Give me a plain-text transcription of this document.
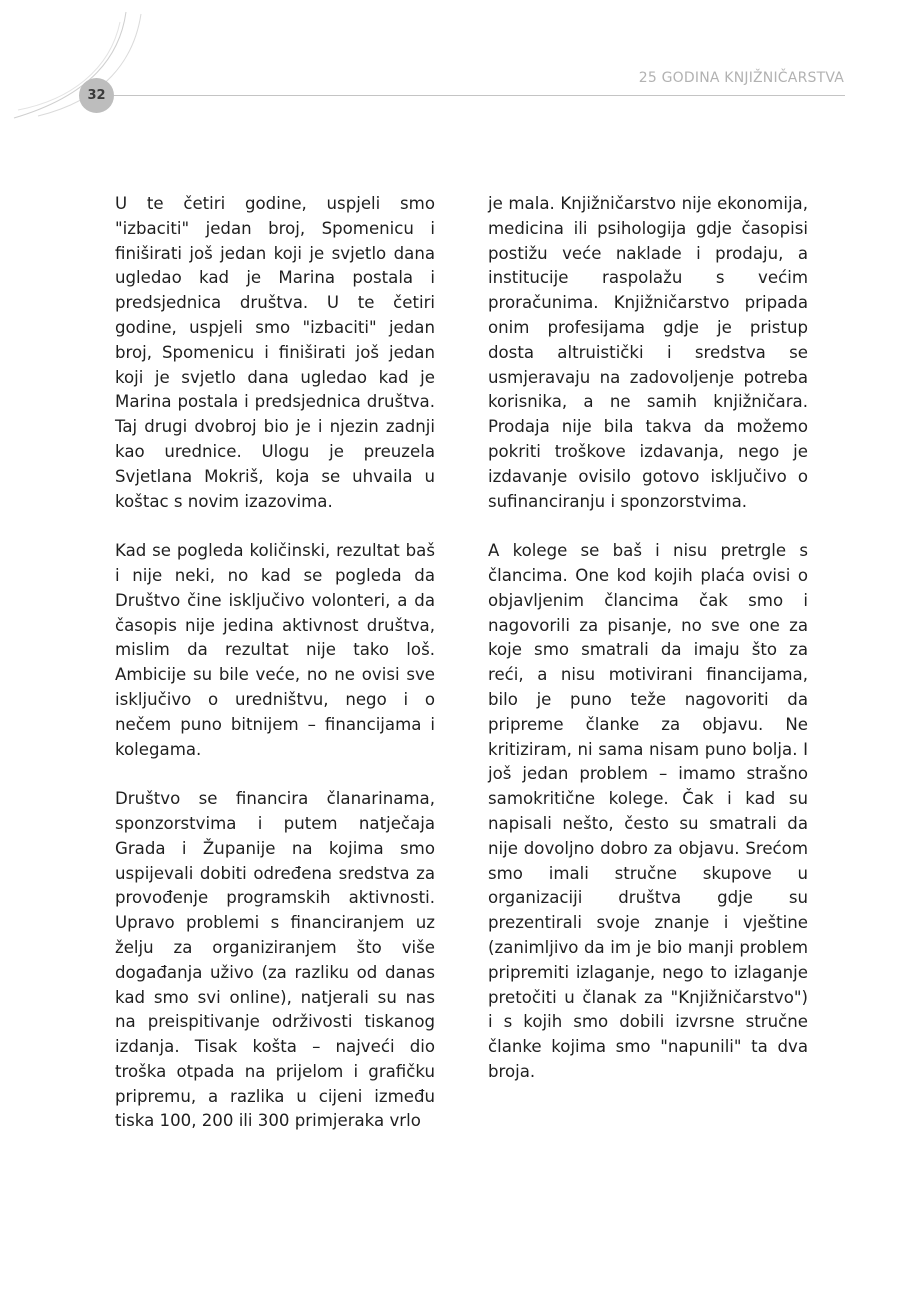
32
25 GODINA KNJIŽNIČARSTVA

U te četiri godine, uspjeli smo "izbaciti" jedan broj, Spomenicu i finiširati još jedan koji je svjetlo dana ugledao kad je Marina postala i predsjednica društva. U te četiri godine, uspjeli smo "izbaciti" jedan broj, Spomenicu i finiširati još jedan koji je svjetlo dana ugledao kad je Marina postala i predsjednica društva. Taj drugi dvobroj bio je i njezin zadnji kao urednice. Ulogu je preuzela Svjetlana Mokriš, koja se uhvaila u koštac s novim izazovima.

Kad se pogleda količinski, rezultat baš i nije neki, no kad se pogleda da Društvo čine isključivo volonteri, a da časopis nije jedina aktivnost društva, mislim da rezultat nije tako loš. Ambicije su bile veće, no ne ovisi sve isključivo o uredništvu, nego i o nečem puno bitnijem – financijama i kolegama.

Društvo se financira članarinama, sponzorstvima i putem natječaja Grada i Županije na kojima smo uspijevali dobiti određena sredstva za provođenje programskih aktivnosti. Upravo problemi s financiranjem uz želju za organiziranjem što više događanja uživo (za razliku od danas kad smo svi online), natjerali su nas na preispitivanje održivosti tiskanog izdanja. Tisak košta – najveći dio troška otpada na prijelom i grafičku pripremu, a razlika u cijeni između tiska 100, 200 ili 300 primjeraka vrlo

je mala. Knjižničarstvo nije ekonomija, medicina ili psihologija gdje časopisi postižu veće naklade i prodaju, a institucije raspolažu s većim proračunima. Knjižničarstvo pripada onim profesijama gdje je pristup dosta altruistički i sredstva se usmjeravaju na zadovoljenje potreba korisnika, a ne samih knjižničara. Prodaja nije bila takva da možemo pokriti troškove izdavanja, nego je izdavanje ovisilo gotovo isključivo o sufinanciranju i sponzorstvima.

A kolege se baš i nisu pretrgle s člancima. One kod kojih plaća ovisi o objavljenim člancima čak smo i nagovorili za pisanje, no sve one za koje smo smatrali da imaju što za reći, a nisu motivirani financijama, bilo je puno teže nagovoriti da pripreme članke za objavu. Ne kritiziram, ni sama nisam puno bolja. I još jedan problem – imamo strašno samokritične kolege. Čak i kad su napisali nešto, često su smatrali da nije dovoljno dobro za objavu. Srećom smo imali stručne skupove u organizaciji društva gdje su prezentirali svoje znanje i vještine (zanimljivo da im je bio manji problem pripremiti izlaganje, nego to izlaganje pretočiti u članak za "Knjižničarstvo") i s kojih smo dobili izvrsne stručne članke kojima smo "napunili" ta dva broja.
